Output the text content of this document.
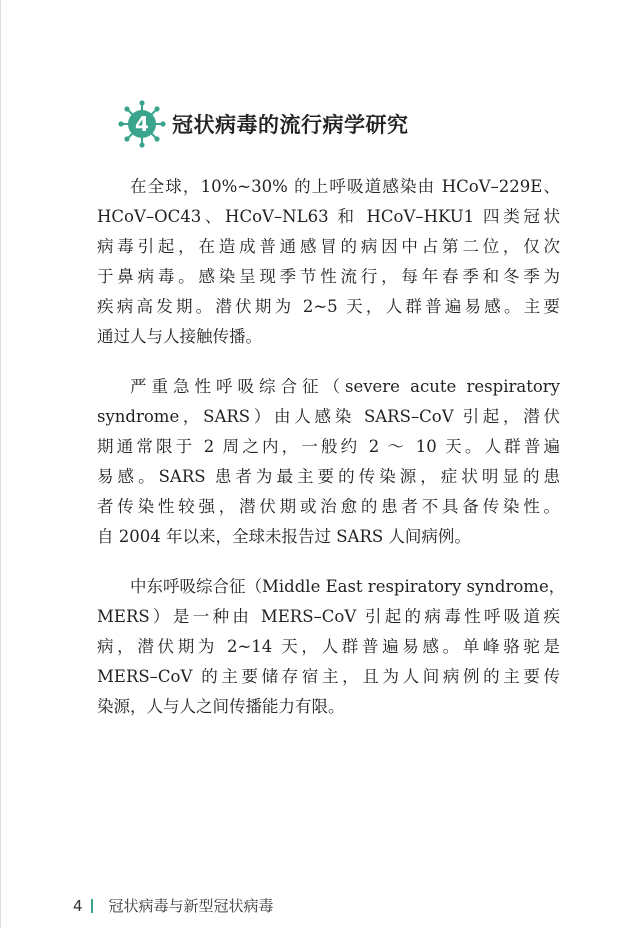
4 冠状病毒的流行病学研究
在全球，10%~30% 的上呼吸道感染由 HCoV–229E、
HCoV–OC43、HCoV–NL63 和 HCoV–HKU1 四类冠状
病毒引起，在造成普通感冒的病因中占第二位，仅次
于鼻病毒。感染呈现季节性流行，每年春季和冬季为
疾病高发期。潜伏期为 2~5 天，人群普遍易感。主要
通过人与人接触传播。
严重急性呼吸综合征（severe acute respiratory
syndrome，SARS）由人感染 SARS–CoV 引起，潜伏
期通常限于 2 周之内，一般约 2 ～ 10 天。人群普遍
易感。SARS 患者为最主要的传染源，症状明显的患
者传染性较强，潜伏期或治愈的患者不具备传染性。
自 2004 年以来，全球未报告过 SARS 人间病例。
中东呼吸综合征（Middle East respiratory syndrome，
MERS）是一种由 MERS–CoV 引起的病毒性呼吸道疾
病，潜伏期为 2~14 天，人群普遍易感。单峰骆驼是
MERS–CoV 的主要储存宿主，且为人间病例的主要传
染源，人与人之间传播能力有限。
4 冠状病毒与新型冠状病毒
